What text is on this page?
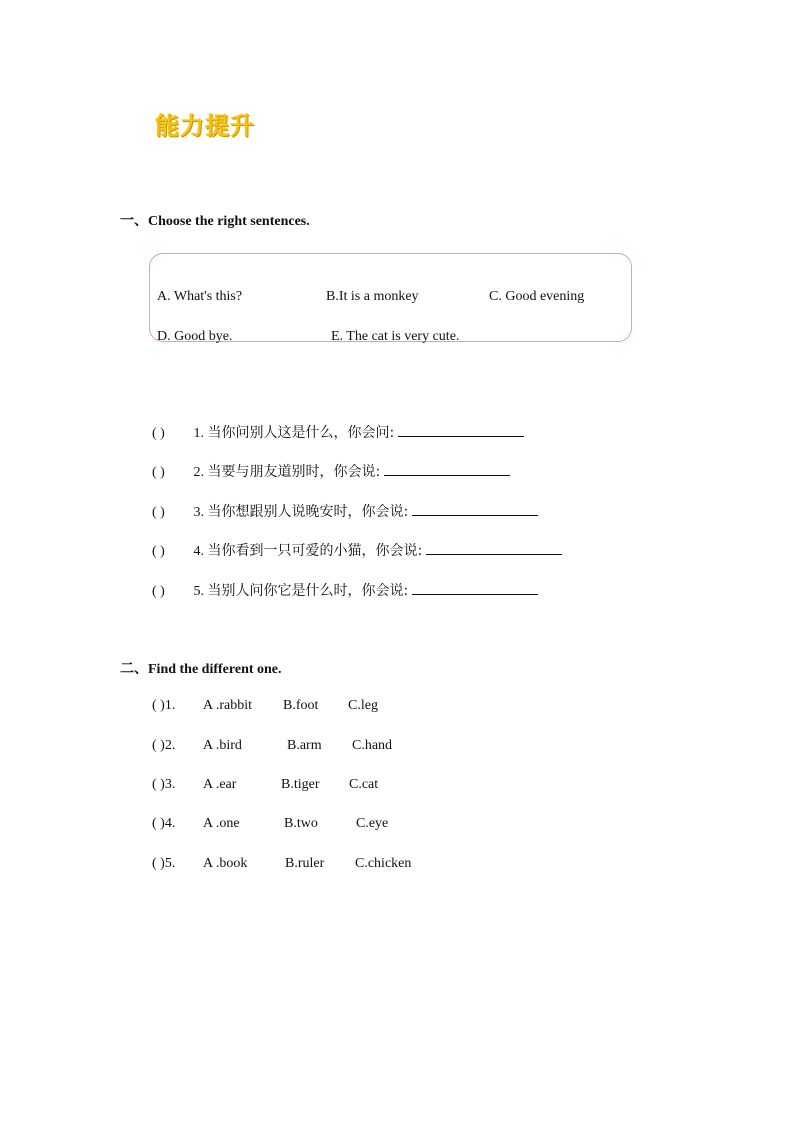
能力提升
一、Choose the right sentences.
A. What's this?	B.It is a monkey	C. Good evening
D. Good bye.	E. The cat is very cute.
( ) 1. 当你问别人这是什么，你会问:
( ) 2. 当要与朋友道别时，你会说:
( ) 3. 当你想跟别人说晚安时，你会说:
( ) 4. 当你看到一只可爱的小猫，你会说:
( ) 5. 当别人问你它是什么时，你会说:
二、Find the different one.
( )1. A .rabbit B.foot C.leg
( )2. A .bird	B.arm C.hand
( )3. A .ear	B.tiger C.cat
( )4. A .one	B.two	C.eye
( )5. A .book	B.ruler C.chicken
